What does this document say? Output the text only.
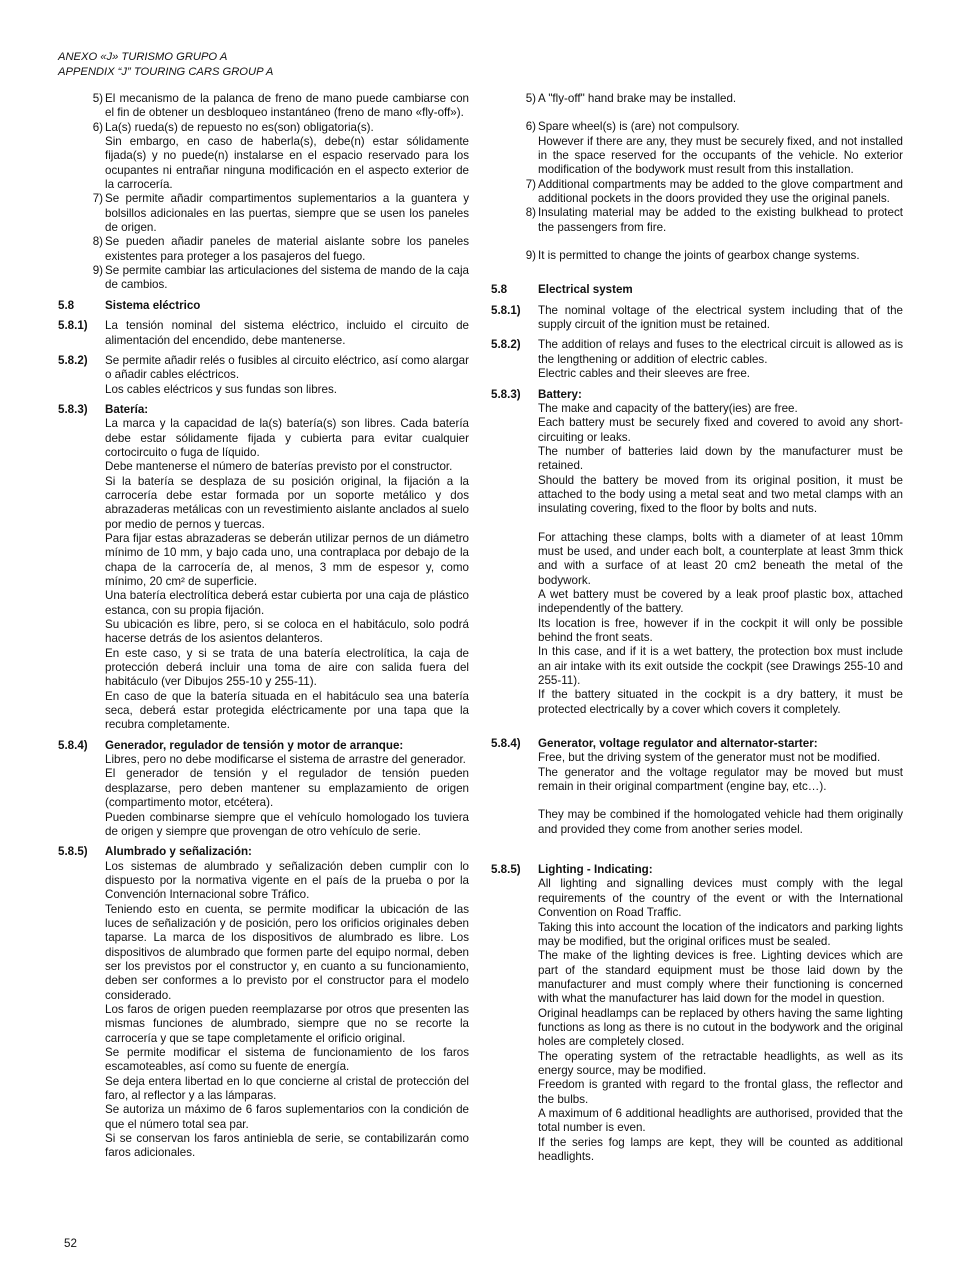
ANEXO «J» TURISMO GRUPO A
APPENDIX “J” TOURING CARS GROUP A
5) El mecanismo de la palanca de freno de mano puede cambiarse con el fin de obtener un desbloqueo instantáneo (freno de mano «fly-off»).

6) La(s) rueda(s) de repuesto no es(son) obligatoria(s).

Sin embargo, en caso de haberla(s), debe(n) estar sólidamente fijada(s) y no puede(n) instalarse en el espacio reservado para los ocupantes ni entrañar ninguna modificación en el aspecto exterior de la carrocería.

7) Se permite añadir compartimentos suplementarios a la guantera y bolsillos adicionales en las puertas, siempre que se usen los paneles de origen.

8) Se pueden añadir paneles de material aislante sobre los paneles existentes para proteger a los pasajeros del fuego.

9) Se permite cambiar las articulaciones del sistema de mando de la caja de cambios.

5.8	Sistema eléctrico
5.8.1) La tensión nominal del sistema eléctrico, incluido el circuito de alimentación del encendido, debe mantenerse.

5.8.2) Se permite añadir relés o fusibles al circuito eléctrico, así como alargar o añadir cables eléctricos.

Los cables eléctricos y sus fundas son libres.

5.8.3) Batería:

La marca y la capacidad de la(s) batería(s) son libres. Cada batería debe estar sólidamente fijada y cubierta para evitar cualquier cortocircuito o fuga de líquido.

Debe mantenerse el número de baterías previsto por el constructor.

Si la batería se desplaza de su posición original, la fijación a la carrocería debe estar formada por un soporte metálico y dos abrazaderas metálicas con un revestimiento aislante anclados al suelo por medio de pernos y tuercas.

Para fijar estas abrazaderas se deberán utilizar pernos de un diámetro mínimo de 10 mm, y bajo cada uno, una contraplaca por debajo de la chapa de la carrocería de, al menos, 3 mm de espesor y, como mínimo, 20 cm² de superficie.

Una batería electrolítica deberá estar cubierta por una caja de plástico estanca, con su propia fijación.

Su ubicación es libre, pero, si se coloca en el habitáculo, solo podrá hacerse detrás de los asientos delanteros.

En este caso, y si se trata de una batería electrolítica, la caja de protección deberá incluir una toma de aire con salida fuera del habitáculo (ver Dibujos 255-10 y 255-11).

En caso de que la batería situada en el habitáculo sea una batería seca, deberá estar protegida eléctricamente por una tapa que la recubra completamente.

5.8.4) Generador, regulador de tensión y motor de arranque:

Libres, pero no debe modificarse el sistema de arrastre del generador.

El generador de tensión y el regulador de tensión pueden desplazarse, pero deben mantener su emplazamiento de origen (compartimento motor, etcétera).

Pueden combinarse siempre que el vehículo homologado los tuviera de origen y siempre que provengan de otro vehículo de serie.

5.8.5) Alumbrado y señalización:

Los sistemas de alumbrado y señalización deben cumplir con lo dispuesto por la normativa vigente en el país de la prueba o por la Convención Internacional sobre Tráfico.

Teniendo esto en cuenta, se permite modificar la ubicación de las luces de señalización y de posición, pero los orificios originales deben taparse. La marca de los dispositivos de alumbrado es libre. Los dispositivos de alumbrado que formen parte del equipo normal, deben ser los previstos por el constructor y, en cuanto a su funcionamiento, deben ser conformes a lo previsto por el constructor para el modelo considerado.

Los faros de origen pueden reemplazarse por otros que presenten las mismas funciones de alumbrado, siempre que no se recorte la carrocería y que se tape completamente el orificio original.

Se permite modificar el sistema de funcionamiento de los faros escamoteables, así como su fuente de energía.

Se deja entera libertad en lo que concierne al cristal de protección del faro, al reflector y a las lámparas.

Se autoriza un máximo de 6 faros suplementarios con la condición de que el número total sea par.

Si se conservan los faros antiniebla de serie, se contabilizarán como faros adicionales.

5) A "fly-off" hand brake may be installed.

6) Spare wheel(s) is (are) not compulsory.

However if there are any, they must be securely fixed, and not installed in the space reserved for the occupants of the vehicle. No exterior modification of the bodywork must result from this installation.

7) Additional compartments may be added to the glove compartment and additional pockets in the doors provided they use the original panels.

8) Insulating material may be added to the existing bulkhead to protect the passengers from fire.

9) It is permitted to change the joints of gearbox change systems.

5.8	Electrical system
5.8.1) The nominal voltage of the electrical system including that of the supply circuit of the ignition must be retained.

5.8.2) The addition of relays and fuses to the electrical circuit is allowed as is the lengthening or addition of electric cables.

Electric cables and their sleeves are free.

5.8.3) Battery:

The make and capacity of the battery(ies) are free.

Each battery must be securely fixed and covered to avoid any short-circuiting or leaks.

The number of batteries laid down by the manufacturer must be retained.

Should the battery be moved from its original position, it must be attached to the body using a metal seat and two metal clamps with an insulating covering, fixed to the floor by bolts and nuts.

For attaching these clamps, bolts with a diameter of at least 10mm must be used, and under each bolt, a counterplate at least 3mm thick and with a surface of at least 20 cm2 beneath the metal of the bodywork.

A wet battery must be covered by a leak proof plastic box, attached independently of the battery.

Its location is free, however if in the cockpit it will only be possible behind the front seats.

In this case, and if it is a wet battery, the protection box must include an air intake with its exit outside the cockpit (see Drawings 255-10 and 255-11).

If the battery situated in the cockpit is a dry battery, it must be protected electrically by a cover which covers it completely.

5.8.4) Generator, voltage regulator and alternator-starter:

Free, but the driving system of the generator must not be modified.

The generator and the voltage regulator may be moved but must remain in their original compartment (engine bay, etc…).

They may be combined if the homologated vehicle had them originally and provided they come from another series model.

5.8.5) Lighting - Indicating:

All lighting and signalling devices must comply with the legal requirements of the country of the event or with the International Convention on Road Traffic.

Taking this into account the location of the indicators and parking lights may be modified, but the original orifices must be sealed.

The make of the lighting devices is free. Lighting devices which are part of the standard equipment must be those laid down by the manufacturer and must comply where their functioning is concerned with what the manufacturer has laid down for the model in question.

Original headlamps can be replaced by others having the same lighting functions as long as there is no cutout in the bodywork and the original holes are completely closed.

The operating system of the retractable headlights, as well as its energy source, may be modified.

Freedom is granted with regard to the frontal glass, the reflector and the bulbs.

A maximum of 6 additional headlights are authorised, provided that the total number is even.

If the series fog lamps are kept, they will be counted as additional headlights.

52
